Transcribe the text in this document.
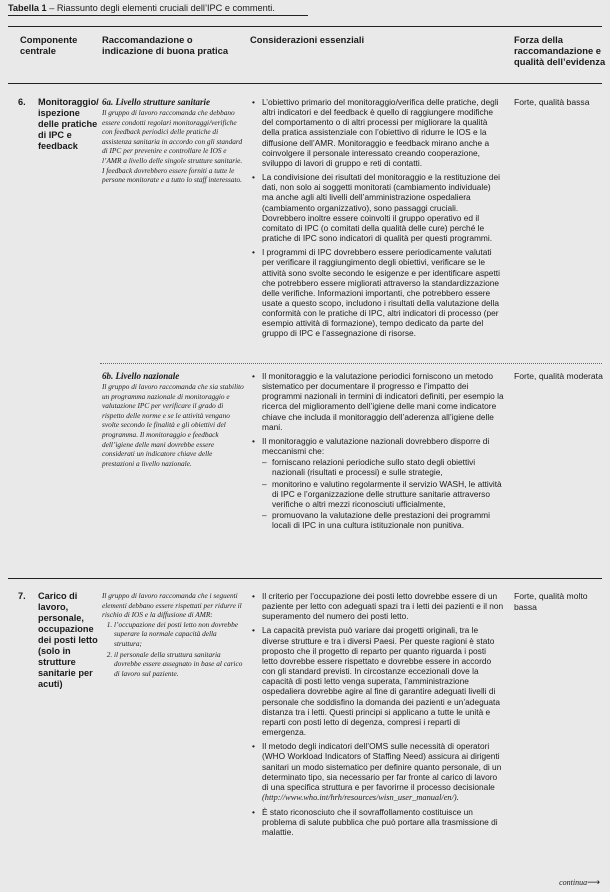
Tabella 1 – Riassunto degli elementi cruciali dell’IPC e commenti.
Componente centrale
Raccomandazione o indicazione di buona pratica
Considerazioni essenziali	Forza della raccomandazione e qualità dell’evidenza
6. Monitoraggio/ ispezione delle pratiche di IPC e feedback
6a. Livello strutture sanitarie
Il gruppo di lavoro raccomanda che debbano essere condotti regolari monitoraggi/verifiche con feedback periodici delle pratiche di assistenza sanitaria in accordo con gli standard di IPC per prevenire e controllare le IOS e l’AMR a livello delle singole strutture sanitarie. I feedback dovrebbero essere forniti a tutte le persone monitorate e a tutto lo staff interessato.
• L’obiettivo primario del monitoraggio/verifica delle pratiche, degli altri indicatori e del feedback è quello di raggiungere modifiche del comportamento o di altri processi per migliorare la qualità della pratica assistenziale con l’obiettivo di ridurre le IOS e la diffusione dell’AMR. Monitoraggio e feedback mirano anche a coinvolgere il personale interessato creando cooperazione, sviluppo di lavori di gruppo e reti di contatti.
• La condivisione dei risultati del monitoraggio e la restituzione dei dati, non solo ai soggetti monitorati (cambiamento individuale) ma anche agli alti livelli dell’amministrazione ospedaliera (cambiamento organizzativo), sono passaggi cruciali. Dovrebbero inoltre essere coinvolti il gruppo operativo ed il comitato di IPC (o comitati della qualità delle cure) perché le pratiche di IPC sono indicatori di qualità per questi programmi.
• I programmi di IPC dovrebbero essere periodicamente valutati per verificare il raggiungimento degli obiettivi, verificare se le attività sono svolte secondo le esigenze e per identificare aspetti che potrebbero essere migliorati attraverso la standardizzazione delle verifiche. Informazioni importanti, che potrebbero essere usate a questo scopo, includono i risultati della valutazione della conformità con le pratiche di IPC, altri indicatori di processo (per esempio attività di formazione), tempo dedicato da parte del gruppo di IPC e l’assegnazione di risorse.
Forte, qualità bassa
6b. Livello nazionale
Il gruppo di lavoro raccomanda che sia stabilito un programma nazionale di monitoraggio e valutazione IPC per verificare il grado di rispetto delle norme e se le attività vengano svolte secondo le finalità e gli obiettivi del programma. Il monitoraggio e feedback dell’igiene delle mani dovrebbe essere considerati un indicatore chiave delle prestazioni a livello nazionale.
• Il monitoraggio e la valutazione periodici forniscono un metodo sistematico per documentare il progresso e l’impatto dei programmi nazionali in termini di indicatori definiti, per esempio la ricerca del miglioramento dell’igiene delle mani come indicatore chiave che includa il monitoraggio dell’aderenza all’igiene delle mani.
• Il monitoraggio e valutazione nazionali dovrebbero disporre di meccanismi che:
– forniscano relazioni periodiche sullo stato degli obiettivi nazionali (risultati e processi) e sulle strategie,
– monitorino e valutino regolarmente il servizio WASH, le attività di IPC e l’organizzazione delle strutture sanitarie attraverso verifiche o altri mezzi riconosciuti ufficialmente,
– promuovano la valutazione delle prestazioni dei programmi locali di IPC in una cultura istituzionale non punitiva.
Forte, qualità moderata
7. Carico di lavoro, personale, occupazione dei posti letto (solo in strutture sanitarie per acuti)
Il gruppo di lavoro raccomanda che i seguenti elementi debbano essere rispettati per ridurre il rischio di IOS e la diffusione di AMR:
1. l’occupazione dei posti letto non dovrebbe superare la normale capacità della struttura;
2. il personale della struttura sanitaria dovrebbe essere assegnato in base al carico di lavoro sul paziente.
• Il criterio per l’occupazione dei posti letto dovrebbe essere di un paziente per letto con adeguati spazi tra i letti dei pazienti e il non superamento del numero dei posti letto.
• La capacità prevista può variare dai progetti originali, tra le diverse strutture e tra i diversi Paesi. Per queste ragioni è stato proposto che il progetto di reparto per quanto riguarda i posti letto dovrebbe essere rispettato e dovrebbe essere in accordo con gli standard previsti. In circostanze eccezionali dove la capacità di posti letto venga superata, l’amministrazione ospedaliera dovrebbe agire al fine di garantire adeguati livelli di personale che soddisfino la domanda dei pazienti e un’adeguata distanza tra i letti. Questi principi si applicano a tutte le unità e reparti con posti letto di degenza, compresi i reparti di emergenza.
• Il metodo degli indicatori dell’OMS sulle necessità di operatori (WHO Workload Indicators of Staffing Need) assicura ai dirigenti sanitari un modo sistematico per definire quanto personale, di un determinato tipo, sia necessario per far fronte al carico di lavoro di una specifica struttura e per favorirne il processo decisionale (http://www.who.int/hrh/resources/wisn_user_manual/en/).
• È stato riconosciuto che il sovraffollamento costituisce un problema di salute pubblica che può portare alla trasmissione di malattie.
Forte, qualità molto bassa
continua⟶
